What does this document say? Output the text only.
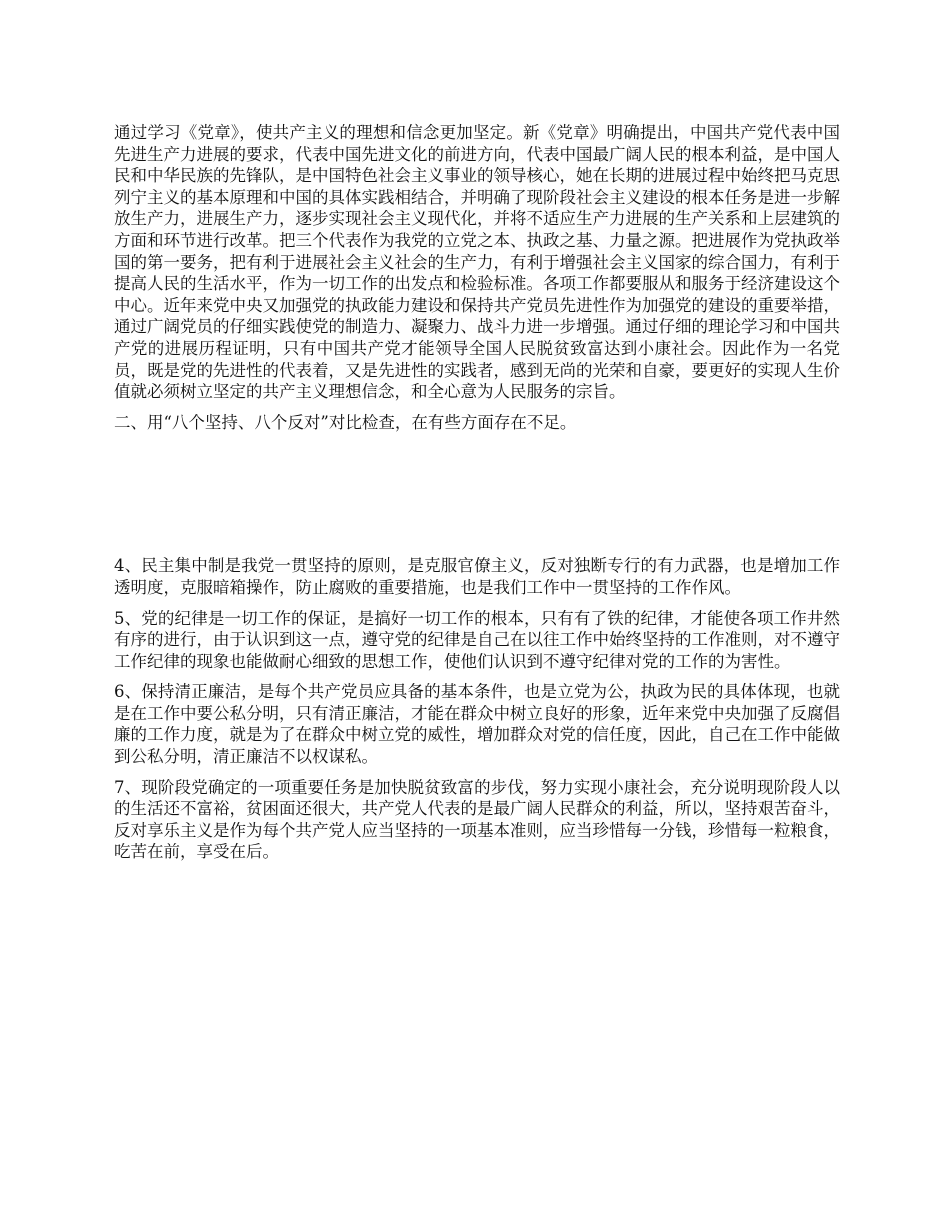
通过学习《党章》，使共产主义的理想和信念更加坚定。新《党章》明确提出，中国共产党代表中国先进生产力进展的要求，代表中国先进文化的前进方向，代表中国最广阔人民的根本利益，是中国人民和中华民族的先锋队，是中国特色社会主义事业的领导核心，她在长期的进展过程中始终把马克思列宁主义的基本原理和中国的具体实践相结合，并明确了现阶段社会主义建设的根本任务是进一步解放生产力，进展生产力，逐步实现社会主义现代化，并将不适应生产力进展的生产关系和上层建筑的方面和环节进行改革。把三个代表作为我党的立党之本、执政之基、力量之源。把进展作为党执政举国的第一要务，把有利于进展社会主义社会的生产力，有利于增强社会主义国家的综合国力，有利于提高人民的生活水平，作为一切工作的出发点和检验标准。各项工作都要服从和服务于经济建设这个中心。近年来党中央又加强党的执政能力建设和保持共产党员先进性作为加强党的建设的重要举措，通过广阔党员的仔细实践使党的制造力、凝聚力、战斗力进一步增强。通过仔细的理论学习和中国共产党的进展历程证明，只有中国共产党才能领导全国人民脱贫致富达到小康社会。因此作为一名党员，既是党的先进性的代表着，又是先进性的实践者，感到无尚的光荣和自豪，要更好的实现人生价值就必须树立坚定的共产主义理想信念，和全心意为人民服务的宗旨。

二、用“八个坚持、八个反对”对比检查，在有些方面存在不足。

4、民主集中制是我党一贯坚持的原则，是克服官僚主义，反对独断专行的有力武器，也是增加工作透明度，克服暗箱操作，防止腐败的重要措施，也是我们工作中一贯坚持的工作作风。

5、党的纪律是一切工作的保证，是搞好一切工作的根本，只有有了铁的纪律，才能使各项工作井然有序的进行，由于认识到这一点，遵守党的纪律是自己在以往工作中始终坚持的工作准则，对不遵守工作纪律的现象也能做耐心细致的思想工作，使他们认识到不遵守纪律对党的工作的为害性。

6、保持清正廉洁，是每个共产党员应具备的基本条件，也是立党为公，执政为民的具体体现，也就是在工作中要公私分明，只有清正廉洁，才能在群众中树立良好的形象，近年来党中央加强了反腐倡廉的工作力度，就是为了在群众中树立党的威性，增加群众对党的信任度，因此，自己在工作中能做到公私分明，清正廉洁不以权谋私。

7、现阶段党确定的一项重要任务是加快脱贫致富的步伐，努力实现小康社会，充分说明现阶段人以的生活还不富裕，贫困面还很大，共产党人代表的是最广阔人民群众的利益，所以，坚持艰苦奋斗，反对享乐主义是作为每个共产党人应当坚持的一项基本准则，应当珍惜每一分钱，珍惜每一粒粮食，吃苦在前，享受在后。
